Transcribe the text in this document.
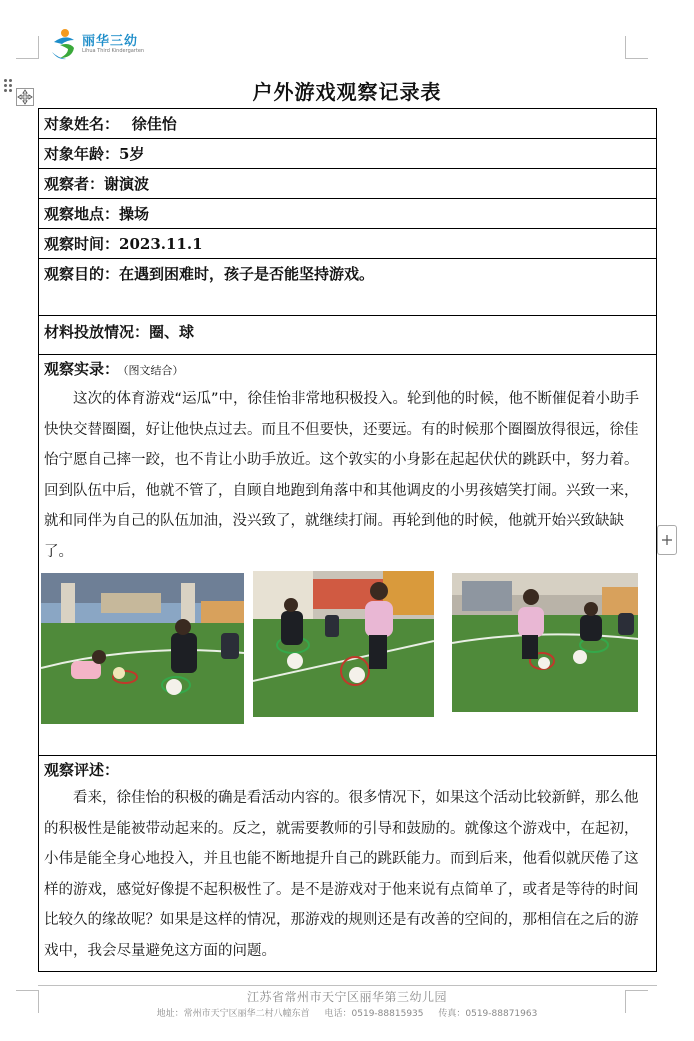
丽华三幼
Lihua Third Kindergarten
户外游戏观察记录表
对象姓名： 徐佳怡
对象年龄：5岁
观察者：谢演波
观察地点：操场
观察时间：2023.11.1
观察目的：在遇到困难时，孩子是否能坚持游戏。
材料投放情况：圈、球
观察实录： （图文结合）
这次的体育游戏“运瓜”中，徐佳怡非常地积极投入。轮到他的时候，他不断催促着小助手快快交替圈圈，好让他快点过去。而且不但要快，还要远。有的时候那个圈圈放得很远，徐佳怡宁愿自己摔一跤，也不肯让小助手放近。这个敦实的小身影在起起伏伏的跳跃中，努力着。回到队伍中后，他就不管了，自顾自地跑到角落中和其他调皮的小男孩嬉笑打闹。兴致一来，就和同伴为自己的队伍加油，没兴致了，就继续打闹。再轮到他的时候，他就开始兴致缺缺了。
观察评述：
看来，徐佳怡的积极的确是看活动内容的。很多情况下，如果这个活动比较新鲜，那么他的积极性是能被带动起来的。反之，就需要教师的引导和鼓励的。就像这个游戏中，在起初，小伟是能全身心地投入，并且也能不断地提升自己的跳跃能力。而到后来，他看似就厌倦了这样的游戏，感觉好像提不起积极性了。是不是游戏对于他来说有点简单了，或者是等待的时间比较久的缘故呢？如果是这样的情况，那游戏的规则还是有改善的空间的，那相信在之后的游戏中，我会尽量避免这方面的问题。
江苏省常州市天宁区丽华第三幼儿园
地址：常州市天宁区丽华二村八幢东首 电话：0519-88815935 传真：0519-88871963
